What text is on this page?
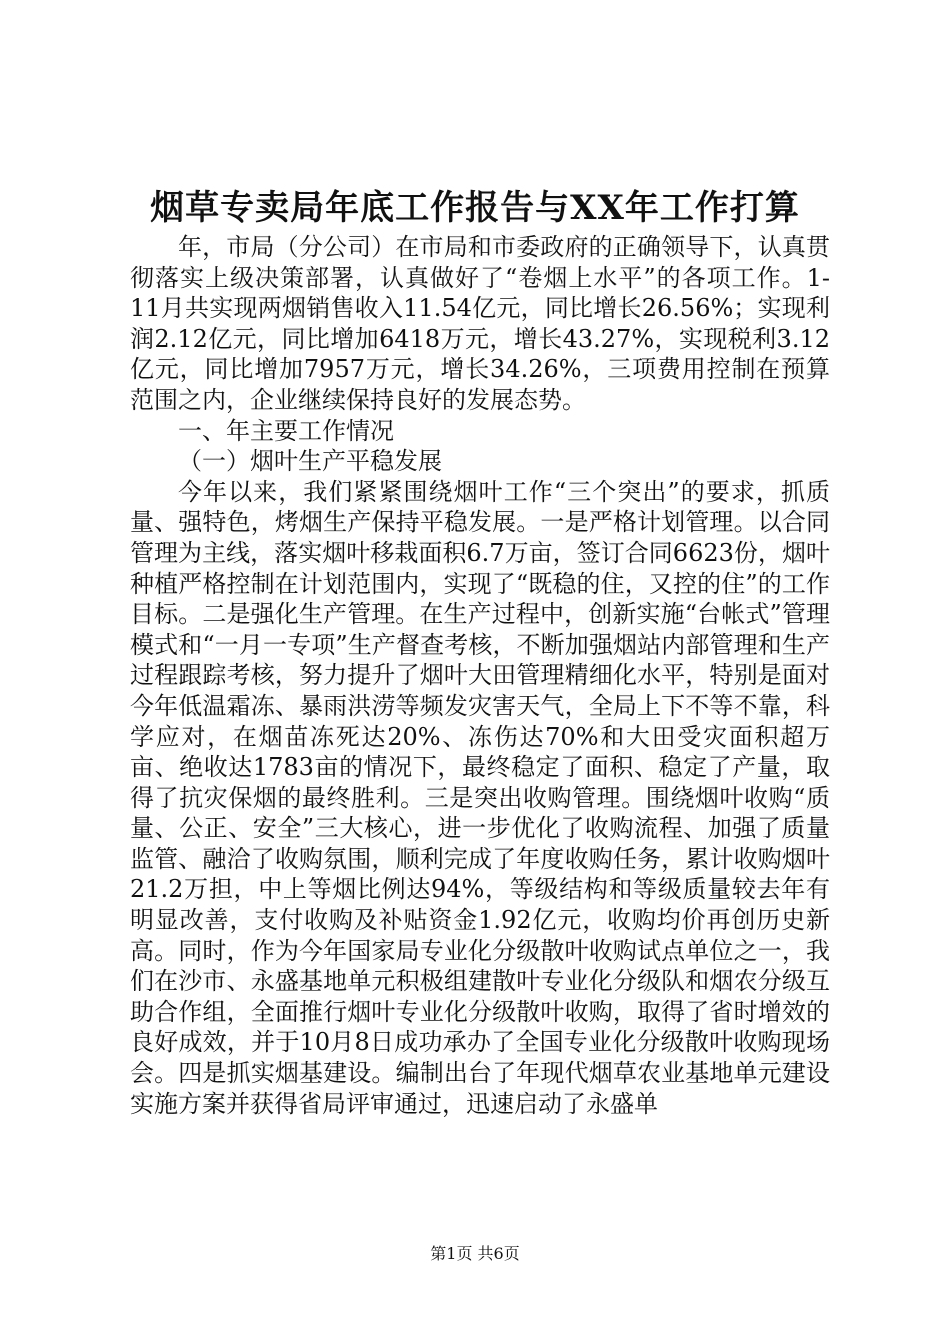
烟草专卖局年底工作报告与XX年工作打算

年，市局（分公司）在市局和市委政府的正确领导下，认真贯彻落实上级决策部署，认真做好了“卷烟上水平”的各项工作。1-11月共实现两烟销售收入11.54亿元，同比增长26.56%；实现利润2.12亿元，同比增加6418万元，增长43.27%，实现税利3.12亿元，同比增加7957万元，增长34.26%，三项费用控制在预算范围之内，企业继续保持良好的发展态势。

一、年主要工作情况

（一）烟叶生产平稳发展

今年以来，我们紧紧围绕烟叶工作“三个突出”的要求，抓质量、强特色，烤烟生产保持平稳发展。一是严格计划管理。以合同管理为主线，落实烟叶移栽面积6.7万亩，签订合同6623份，烟叶种植严格控制在计划范围内，实现了“既稳的住，又控的住”的工作目标。二是强化生产管理。在生产过程中，创新实施“台帐式”管理模式和“一月一专项”生产督查考核，不断加强烟站内部管理和生产过程跟踪考核，努力提升了烟叶大田管理精细化水平，特别是面对今年低温霜冻、暴雨洪涝等频发灾害天气，全局上下不等不靠，科学应对，在烟苗冻死达20%、冻伤达70%和大田受灾面积超万亩、绝收达1783亩的情况下，最终稳定了面积、稳定了产量，取得了抗灾保烟的最终胜利。三是突出收购管理。围绕烟叶收购“质量、公正、安全”三大核心，进一步优化了收购流程、加强了质量监管、融洽了收购氛围，顺利完成了年度收购任务，累计收购烟叶21.2万担，中上等烟比例达94%，等级结构和等级质量较去年有明显改善，支付收购及补贴资金1.92亿元，收购均价再创历史新高。同时，作为今年国家局专业化分级散叶收购试点单位之一，我们在沙市、永盛基地单元积极组建散叶专业化分级队和烟农分级互助合作组，全面推行烟叶专业化分级散叶收购，取得了省时增效的良好成效，并于10月8日成功承办了全国专业化分级散叶收购现场会。四是抓实烟基建设。编制出台了年现代烟草农业基地单元建设实施方案并获得省局评审通过，迅速启动了永盛单

第1页 共6页
